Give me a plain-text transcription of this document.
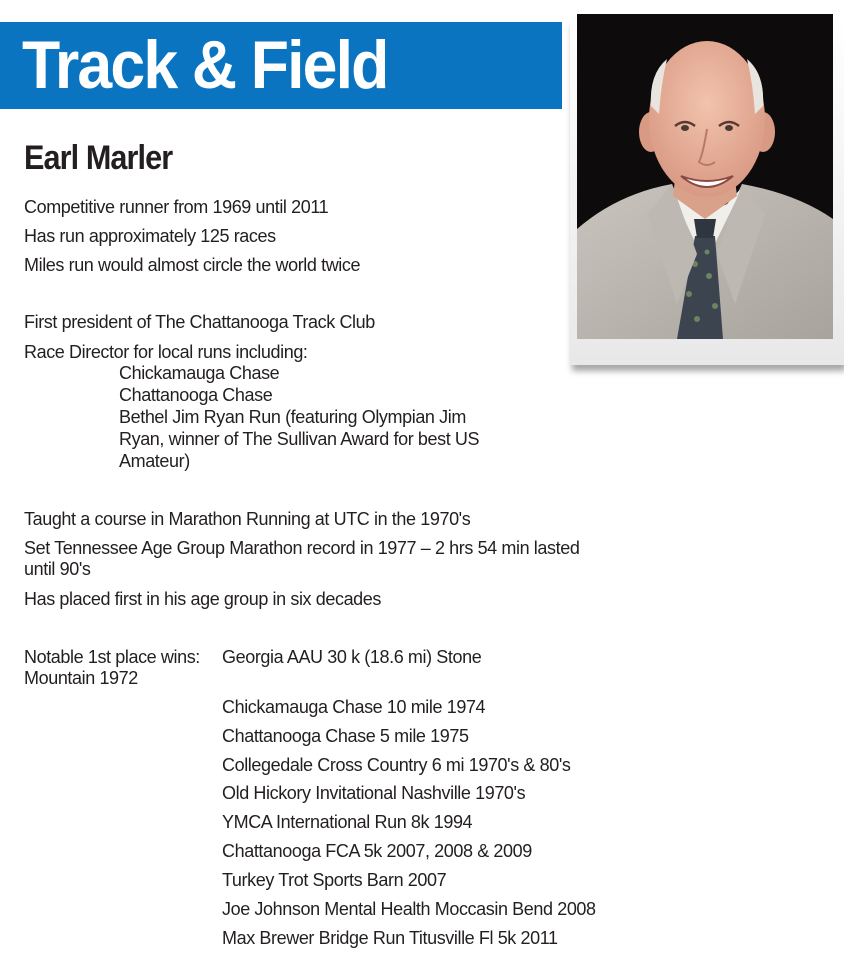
Track & Field
Earl Marler
Competitive runner from 1969 until 2011
Has run approximately 125 races
Miles run would almost circle the world twice
First president of The Chattanooga Track Club
Race Director for local runs including:
Chickamauga Chase
Chattanooga Chase
Bethel Jim Ryan Run (featuring Olympian Jim
Ryan, winner of The Sullivan Award for best US
Amateur)
Taught a course in Marathon Running at UTC in the 1970's
Set Tennessee Age Group Marathon record in 1977 – 2 hrs 54 min lasted
until 90's
Has placed first in his age group in six decades
Notable 1st place wins: Georgia AAU 30 k (18.6 mi) Stone
Mountain 1972
Chickamauga Chase 10 mile 1974
Chattanooga Chase 5 mile 1975
Collegedale Cross Country 6 mi 1970's & 80's
Old Hickory Invitational Nashville 1970's
YMCA International Run 8k 1994
Chattanooga FCA 5k 2007, 2008 & 2009
Turkey Trot Sports Barn 2007
Joe Johnson Mental Health Moccasin Bend 2008
Max Brewer Bridge Run Titusville Fl 5k 2011
